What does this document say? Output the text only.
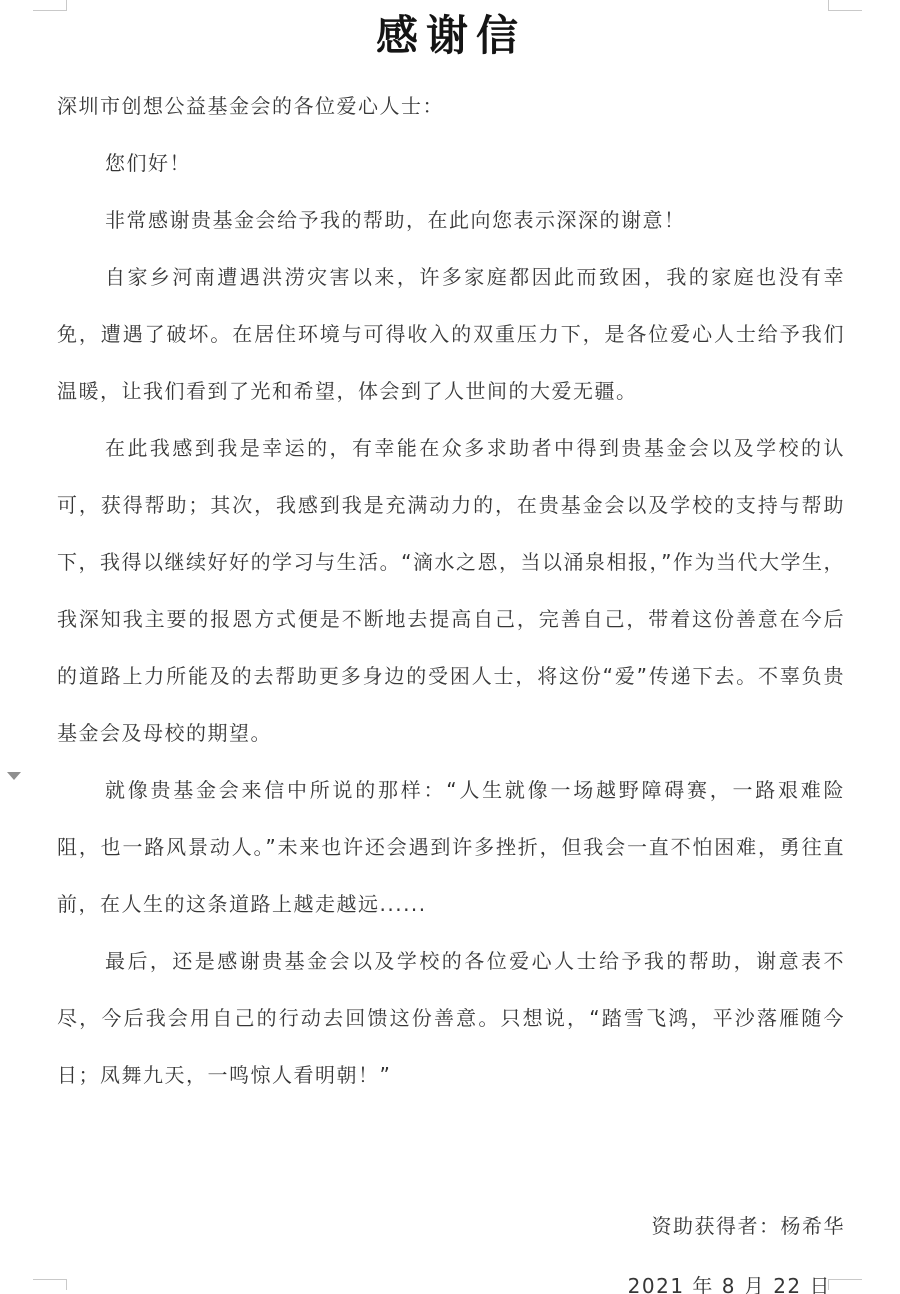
感谢信

深圳市创想公益基金会的各位爱心人士：

您们好！

非常感谢贵基金会给予我的帮助，在此向您表示深深的谢意！

自家乡河南遭遇洪涝灾害以来，许多家庭都因此而致困，我的家庭也没有幸免，遭遇了破坏。在居住环境与可得收入的双重压力下，是各位爱心人士给予我们温暖，让我们看到了光和希望，体会到了人世间的大爱无疆。

在此我感到我是幸运的，有幸能在众多求助者中得到贵基金会以及学校的认可，获得帮助；其次，我感到我是充满动力的，在贵基金会以及学校的支持与帮助下，我得以继续好好的学习与生活。“滴水之恩，当以涌泉相报，”作为当代大学生，我深知我主要的报恩方式便是不断地去提高自己，完善自己，带着这份善意在今后的道路上力所能及的去帮助更多身边的受困人士，将这份“爱”传递下去。不辜负贵基金会及母校的期望。

就像贵基金会来信中所说的那样：“人生就像一场越野障碍赛，一路艰难险阻，也一路风景动人。”未来也许还会遇到许多挫折，但我会一直不怕困难，勇往直前，在人生的这条道路上越走越远......

最后，还是感谢贵基金会以及学校的各位爱心人士给予我的帮助，谢意表不尽，今后我会用自己的行动去回馈这份善意。只想说，“踏雪飞鸿，平沙落雁随今日；凤舞九天，一鸣惊人看明朝！”

资助获得者：杨希华

2021 年 8 月 22 日
